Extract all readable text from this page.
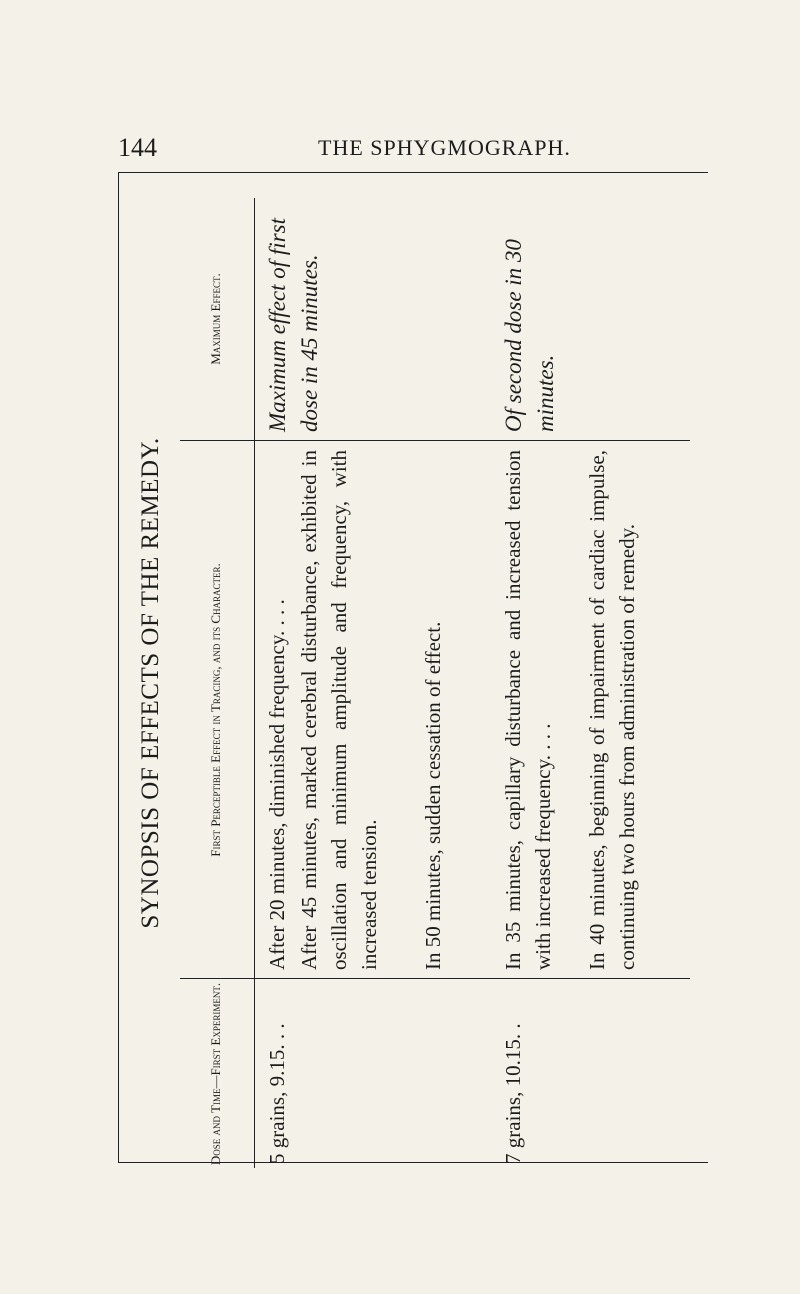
144	THE SPHYGMOGRAPH.
SYNOPSIS OF EFFECTS OF THE REMEDY.
Dose and Time—First Experiment.
First Perceptible Effect in Tracing, and its Character.
Maximum Effect.
5 grains, 9.15. . .
After 20 minutes, diminished frequency. . . . After 45 minutes, marked cerebral disturbance, exhibited in oscillation and minimum amplitude and frequency, with increased tension. In 50 minutes, sudden cessation of effect.
Maximum effect of first dose in 45 minutes.
7 grains, 10.15. .
In 35 minutes, capillary disturbance and increased tension with increased frequency. . . . In 40 minutes, beginning of impairment of cardiac impulse, continuing two hours from administration of remedy.
Of second dose in 30 minutes.
